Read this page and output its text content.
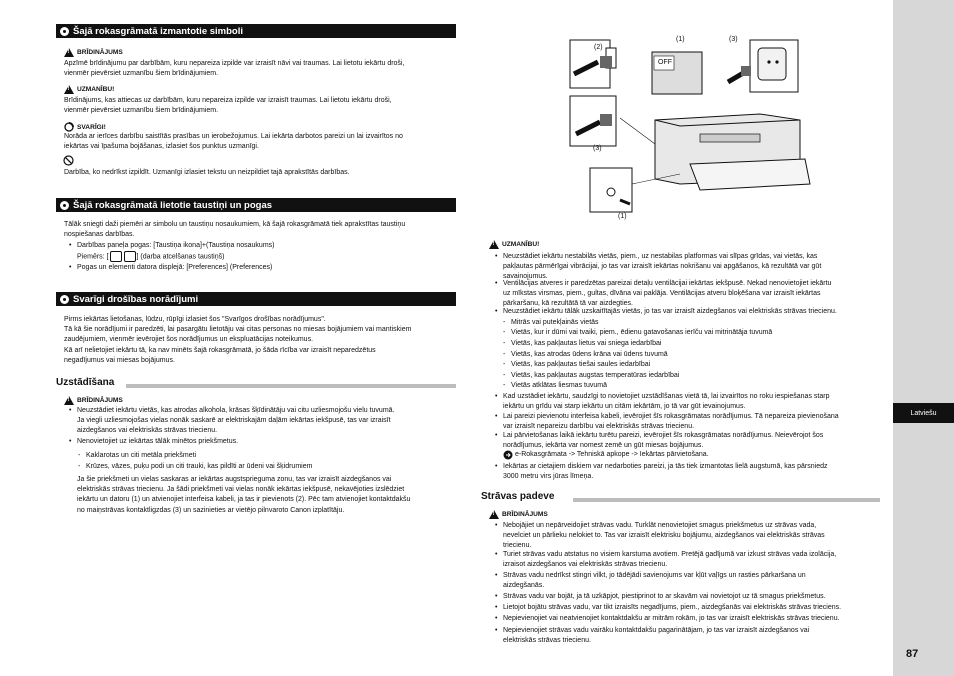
Latviešu
87
Šajā rokasgrāmatā izmantotie simboli
!
BRĪDINĀJUMS
Apzīmē brīdinājumu par darbībām, kuru nepareiza izpilde var izraisīt nāvi vai traumas. Lai lietotu iekārtu droši,
vienmēr pievērsiet uzmanību šiem brīdinājumiem.
!
UZMANĪBU!
Brīdinājums, kas attiecas uz darbībām, kuru nepareiza izpilde var izraisīt traumas. Lai lietotu iekārtu droši,
vienmēr pievērsiet uzmanību šiem brīdinājumiem.
SVARĪGI!
Norāda ar ierīces darbību saistītās prasības un ierobežojumus. Lai iekārta darbotos pareizi un lai izvairītos no
iekārtas vai īpašuma bojāšanas, izlasiet šos punktus uzmanīgi.
Darbība, ko nedrīkst izpildīt. Uzmanīgi izlasiet tekstu un neizpildiet tajā aprakstītās darbības.
Šajā rokasgrāmatā lietotie taustiņi un pogas
Tālāk sniegti daži piemēri ar simbolu un taustiņu nosaukumiem, kā šajā rokasgrāmatā tiek aprakstītas taustiņu
nospiešanas darbības.
• Darbības paneļa pogas: [Taustiņa ikona]+(Taustiņa nosaukums)
Piemērs: [	] (darba atcelšanas taustiņš)
• Pogas un elementi datora displejā: [Preferences] (Preferences)
Svarīgi drošības norādījumi
Pirms iekārtas lietošanas, lūdzu, rūpīgi izlasiet šos "Svarīgos drošības norādījumus".
Tā kā šie norādījumi ir paredzēti, lai pasargātu lietotāju vai citas personas no miesas bojājumiem vai mantiskiem
zaudējumiem, vienmēr ievērojiet šos norādījumus un ekspluatācijas noteikumus.
Kā arī nelietojiet iekārtu tā, ka nav minēts šajā rokasgrāmatā, jo šāda rīcība var izraisīt neparedzētus
negadījumus vai miesas bojājumus.
Uzstādīšana
!
BRĪDINĀJUMS
• Neuzstādiet iekārtu vietās, kas atrodas alkohola, krāsas šķīdinātāju vai citu uzliesmojošu vielu tuvumā.
Ja viegli uzliesmojošas vielas nonāk saskarē ar elektriskajām daļām iekārtas iekšpusē, tas var izraisīt
aizdegšanos vai elektriskās strāvas triecienu.
• Nenovietojiet uz iekārtas tālāk minētos priekšmetus.
- Kaklarotas un citi metāla priekšmeti
- Krūzes, vāzes, puķu podi un citi trauki, kas pildīti ar ūdeni vai šķidrumiem
Ja šie priekšmeti un vielas saskaras ar iekārtas augstsprieguma zonu, tas var izraisīt aizdegšanos vai
elektriskās strāvas triecienu. Ja šādi priekšmeti vai vielas nonāk iekārtas iekšpusē, nekavējoties izslēdziet
iekārtu un datoru (1) un atvienojiet interfeisa kabeli, ja tas ir pievienots (2). Pēc tam atvienojiet kontaktdakšu
no maiņstrāvas kontaktligzdas (3) un sazinieties ar vietējo pilnvaroto Canon izplatītāju.
(2)
(1)	(3)
(3)
(1)
OFF
!
UZMANĪBU!
• Neuzstādiet iekārtu nestabilās vietās, piem., uz nestabilas platformas vai slīpas grīdas, vai vietās, kas
pakļautas pārmērīgai vibrācijai, jo tas var izraisīt iekārtas nokrišanu vai apgāšanos, kā rezultātā var gūt
savainojumus.
• Ventilācijas atveres ir paredzētas pareizai detaļu ventilācijai iekārtas iekšpusē. Nekad nenovietojiet iekārtu
uz mīkstas virsmas, piem., gultas, dīvāna vai paklāja. Ventilācijas atveru bloķēšana var izraisīt iekārtas
pārkaršanu, kā rezultātā tā var aizdegties.
• Neuzstādiet iekārtu tālāk uzskaitītajās vietās, jo tas var izraisīt aizdegšanos vai elektriskās strāvas triecienu.
- Mitrās vai putekļainās vietās
- Vietās, kur ir dūmi vai tvaiki, piem., ēdienu gatavošanas ierīču vai mitrinātāja tuvumā
- Vietās, kas pakļautas lietus vai sniega iedarbībai
- Vietās, kas atrodas ūdens krāna vai ūdens tuvumā
- Vietās, kas pakļautas tiešai saules iedarbībai
- Vietās, kas pakļautas augstas temperatūras iedarbībai
- Vietās atklātas liesmas tuvumā
• Kad uzstādiet iekārtu, saudzīgi to novietojiet uzstādīšanas vietā tā, lai izvairītos no roku iespiešanas starp
iekārtu un grīdu vai starp iekārtu un citām iekārtām, jo tā var gūt ievainojumus.
• Lai pareizi pievienotu interfeisa kabeli, ievērojiet šīs rokasgrāmatas norādījumus. Tā nepareiza pievienošana
var izraisīt nepareizu darbību vai elektriskās strāvas triecienu.
• Lai pārvietošanas laikā iekārtu turētu pareizi, ievērojiet šīs rokasgrāmatas norādījumus. Neievērojot šos
norādījumus, iekārta var nomest zemē un gūt miesas bojājumus.
e-Rokasgrāmata -> Tehniskā apkope -> Iekārtas pārvietošana.
• Iekārtas ar cietajiem diskiem var nedarboties pareizi, ja tās tiek izmantotas lielā augstumā, kas pārsniedz
3000 metru virs jūras līmeņa.
Strāvas padeve
!
BRĪDINĀJUMS
• Nebojājiet un nepārveidojiet strāvas vadu. Turklāt nenovietojiet smagus priekšmetus uz strāvas vada,
nevelciet un pārlieku nelokiet to. Tas var izraisīt elektrisku bojājumu, aizdegšanos vai elektriskās strāvas
triecienu.
• Turiet strāvas vadu atstatus no visiem karstuma avotiem. Pretējā gadījumā var izkust strāvas vada izolācija,
izraisot aizdegšanos vai elektriskās strāvas triecienu.
• Strāvas vadu nedrīkst stingri vilkt, jo tādējādi savienojums var kļūt vaļīgs un rasties pārkaršana un
aizdegšanās.
• Strāvas vadu var bojāt, ja tā uzkāpjot, piestiprinot to ar skavām vai novietojot uz tā smagus priekšmetus.
• Lietojot bojātu strāvas vadu, var tikt izraisīts negadījums, piem., aizdegšanās vai elektriskās strāvas trieciens.
• Nepievienojiet vai neatvienojiet kontaktdakšu ar mitrām rokām, jo tas var izraisīt elektriskās strāvas triecienu.
• Nepievienojiet strāvas vadu vairāku kontaktdakšu pagarinātājam, jo tas var izraisīt aizdegšanos vai
elektriskās strāvas triecienu.
